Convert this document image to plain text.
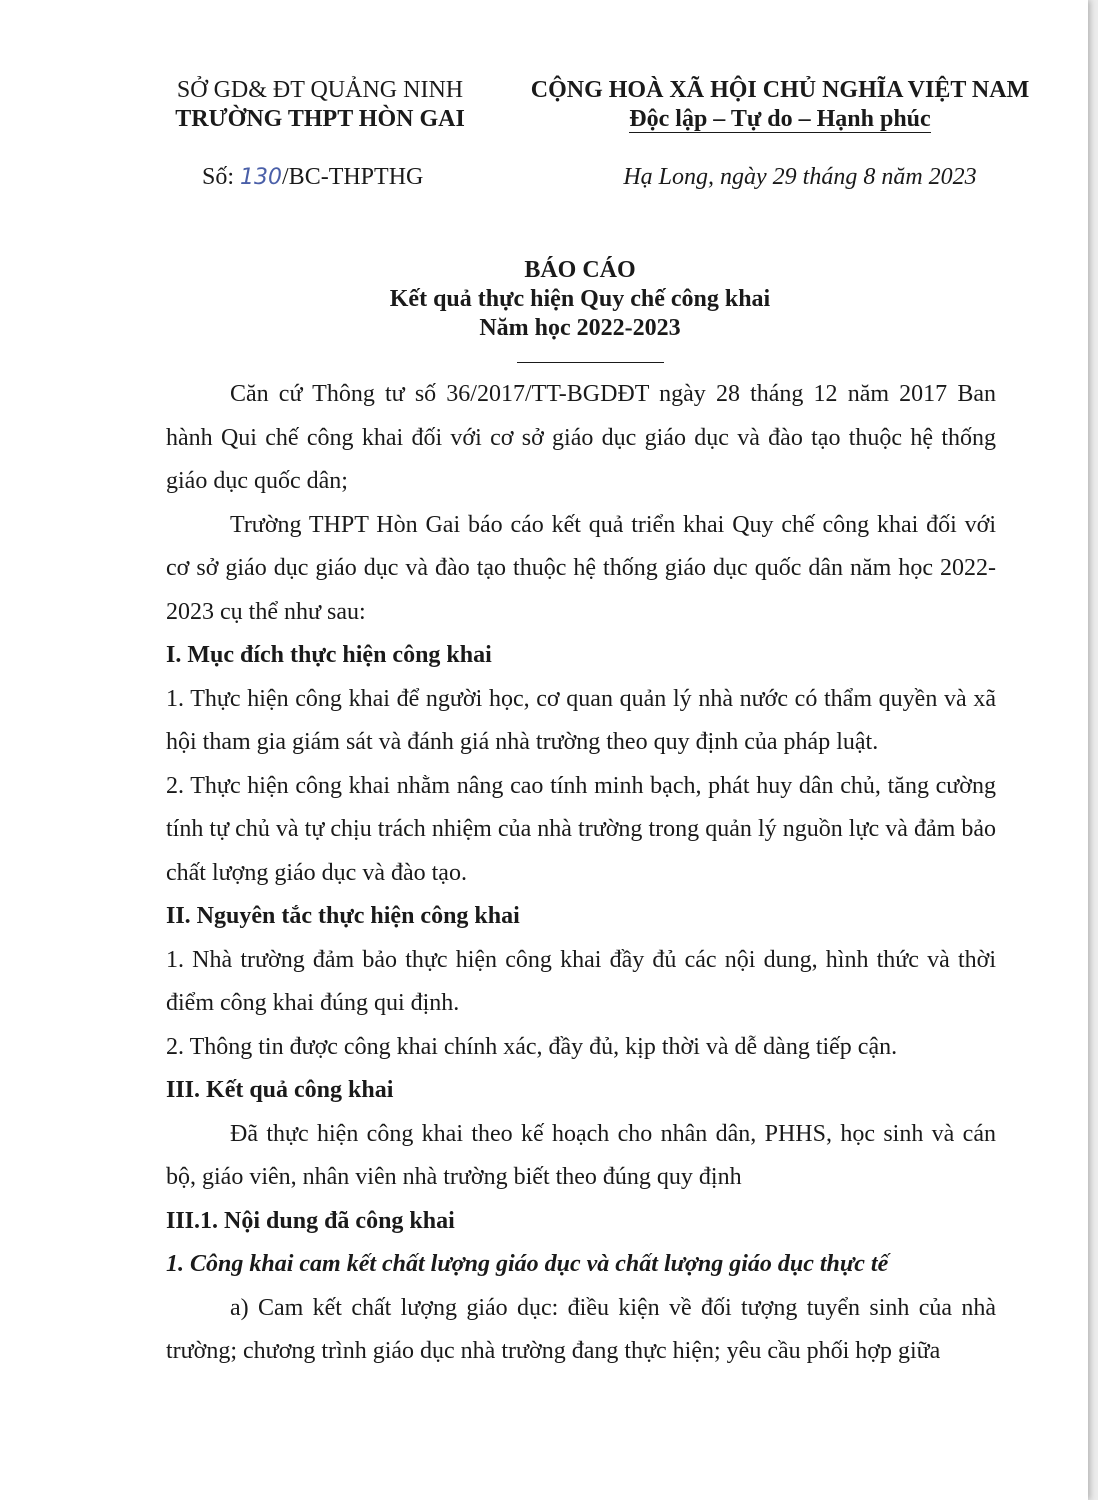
SỞ GD& ĐT QUẢNG NINH
TRƯỜNG THPT HÒN GAI
CỘNG HOÀ XÃ HỘI CHỦ NGHĨA VIỆT NAM
Độc lập – Tự do – Hạnh phúc
Số: 130/BC-THPTHG	Hạ Long, ngày 29 tháng 8 năm 2023
BÁO CÁO
Kết quả thực hiện Quy chế công khai
Năm học 2022-2023

Căn cứ Thông tư số 36/2017/TT-BGDĐT ngày 28 tháng 12 năm 2017 Ban hành Qui chế công khai đối với cơ sở giáo dục giáo dục và đào tạo thuộc hệ thống giáo dục quốc dân;

Trường THPT Hòn Gai báo cáo kết quả triển khai Quy chế công khai đối với cơ sở giáo dục giáo dục và đào tạo thuộc hệ thống giáo dục quốc dân năm học 2022-2023 cụ thể như sau:

I. Mục đích thực hiện công khai

1. Thực hiện công khai để người học, cơ quan quản lý nhà nước có thẩm quyền và xã hội tham gia giám sát và đánh giá nhà trường theo quy định của pháp luật.

2. Thực hiện công khai nhằm nâng cao tính minh bạch, phát huy dân chủ, tăng cường tính tự chủ và tự chịu trách nhiệm của nhà trường trong quản lý nguồn lực và đảm bảo chất lượng giáo dục và đào tạo.

II. Nguyên tắc thực hiện công khai

1. Nhà trường đảm bảo thực hiện công khai đầy đủ các nội dung, hình thức và thời điểm công khai đúng qui định.

2. Thông tin được công khai chính xác, đầy đủ, kịp thời và dễ dàng tiếp cận.

III. Kết quả công khai

Đã thực hiện công khai theo kế hoạch cho nhân dân, PHHS, học sinh và cán bộ, giáo viên, nhân viên nhà trường biết theo đúng quy định

III.1. Nội dung đã công khai

1. Công khai cam kết chất lượng giáo dục và chất lượng giáo dục thực tế

a) Cam kết chất lượng giáo dục: điều kiện về đối tượng tuyển sinh của nhà trường; chương trình giáo dục nhà trường đang thực hiện; yêu cầu phối hợp giữa
